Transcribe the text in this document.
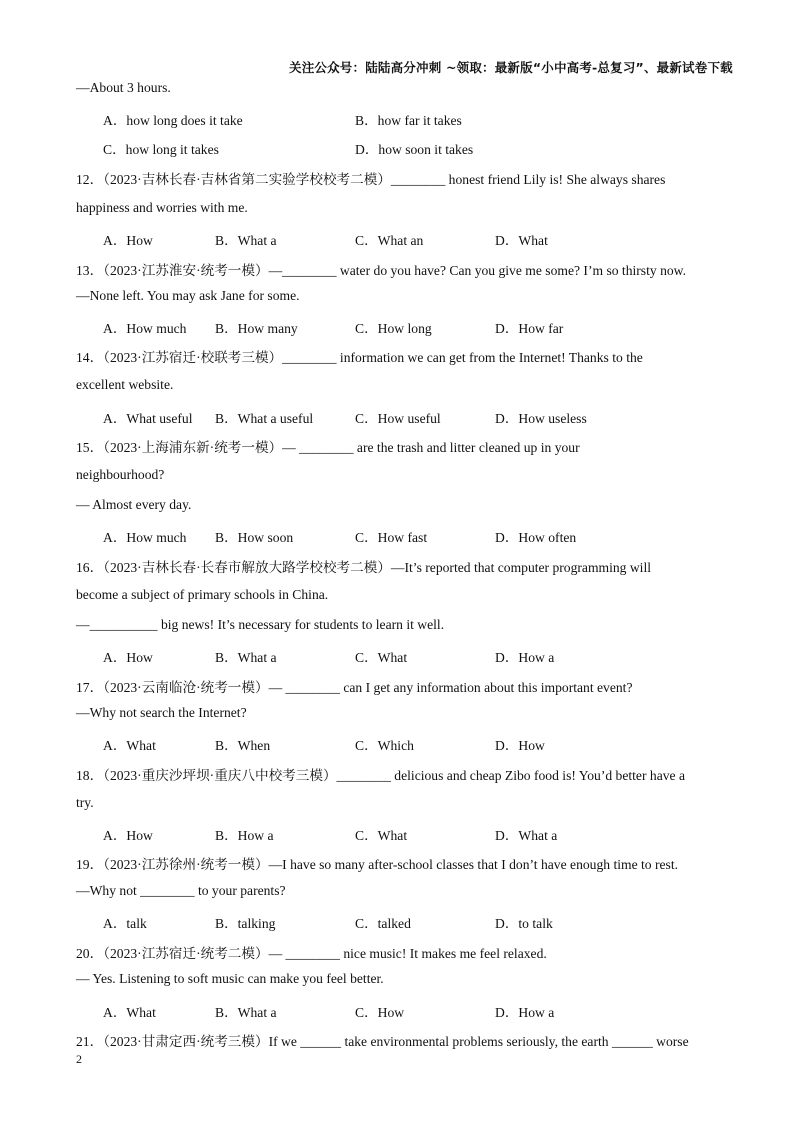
关注公众号：陆陆高分冲刺 ~领取：最新版“小中高考-总复习”、最新试卷下载
—About 3 hours.
A．how long does it take	B．how far it takes
C．how long it takes	D．how soon it takes
12．（2023·吉林长春·吉林省第二实验学校校考二模）________ honest friend Lily is! She always shares
happiness and worries with me.
A．How	B．What a	C．What an	D．What
13．（2023·江苏淮安·统考一模）—________ water do you have? Can you give me some? I’m so thirsty now.
—None left. You may ask Jane for some.
A．How much B．How many	C．How long	D．How far
14．（2023·江苏宿迁·校联考三模）________ information we can get from the Internet! Thanks to the
excellent website.
A．What useful B．What a useful	C．How useful	D．How useless
15．（2023·上海浦东新·统考一模）— ________ are the trash and litter cleaned up in your
neighbourhood?
— Almost every day.
A．How much B．How soon	C．How fast	D．How often
16．（2023·吉林长春·长春市解放大路学校校考二模）—It’s reported that computer programming will
become a subject of primary schools in China.
—__________ big news! It’s necessary for students to learn it well.
A．How	B．What a	C．What	D．How a
17．（2023·云南临沧·统考一模）— ________ can I get any information about this important event?
—Why not search the Internet?
A．What	B．When	C．Which	D．How
18．（2023·重庆沙坪坝·重庆八中校考三模）________ delicious and cheap Zibo food is! You’d better have a
try.
A．How	B．How a	C．What	D．What a
19．（2023·江苏徐州·统考一模）—I have so many after-school classes that I don’t have enough time to rest.
—Why not ________ to your parents?
A．talk	B．talking	C．talked	D．to talk
20．（2023·江苏宿迁·统考二模）— ________ nice music! It makes me feel relaxed.
— Yes. Listening to soft music can make you feel better.
A．What	B．What a	C．How	D．How a
21．（2023·甘肃定西·统考三模）If we ______ take environmental problems seriously, the earth ______ worse
2
